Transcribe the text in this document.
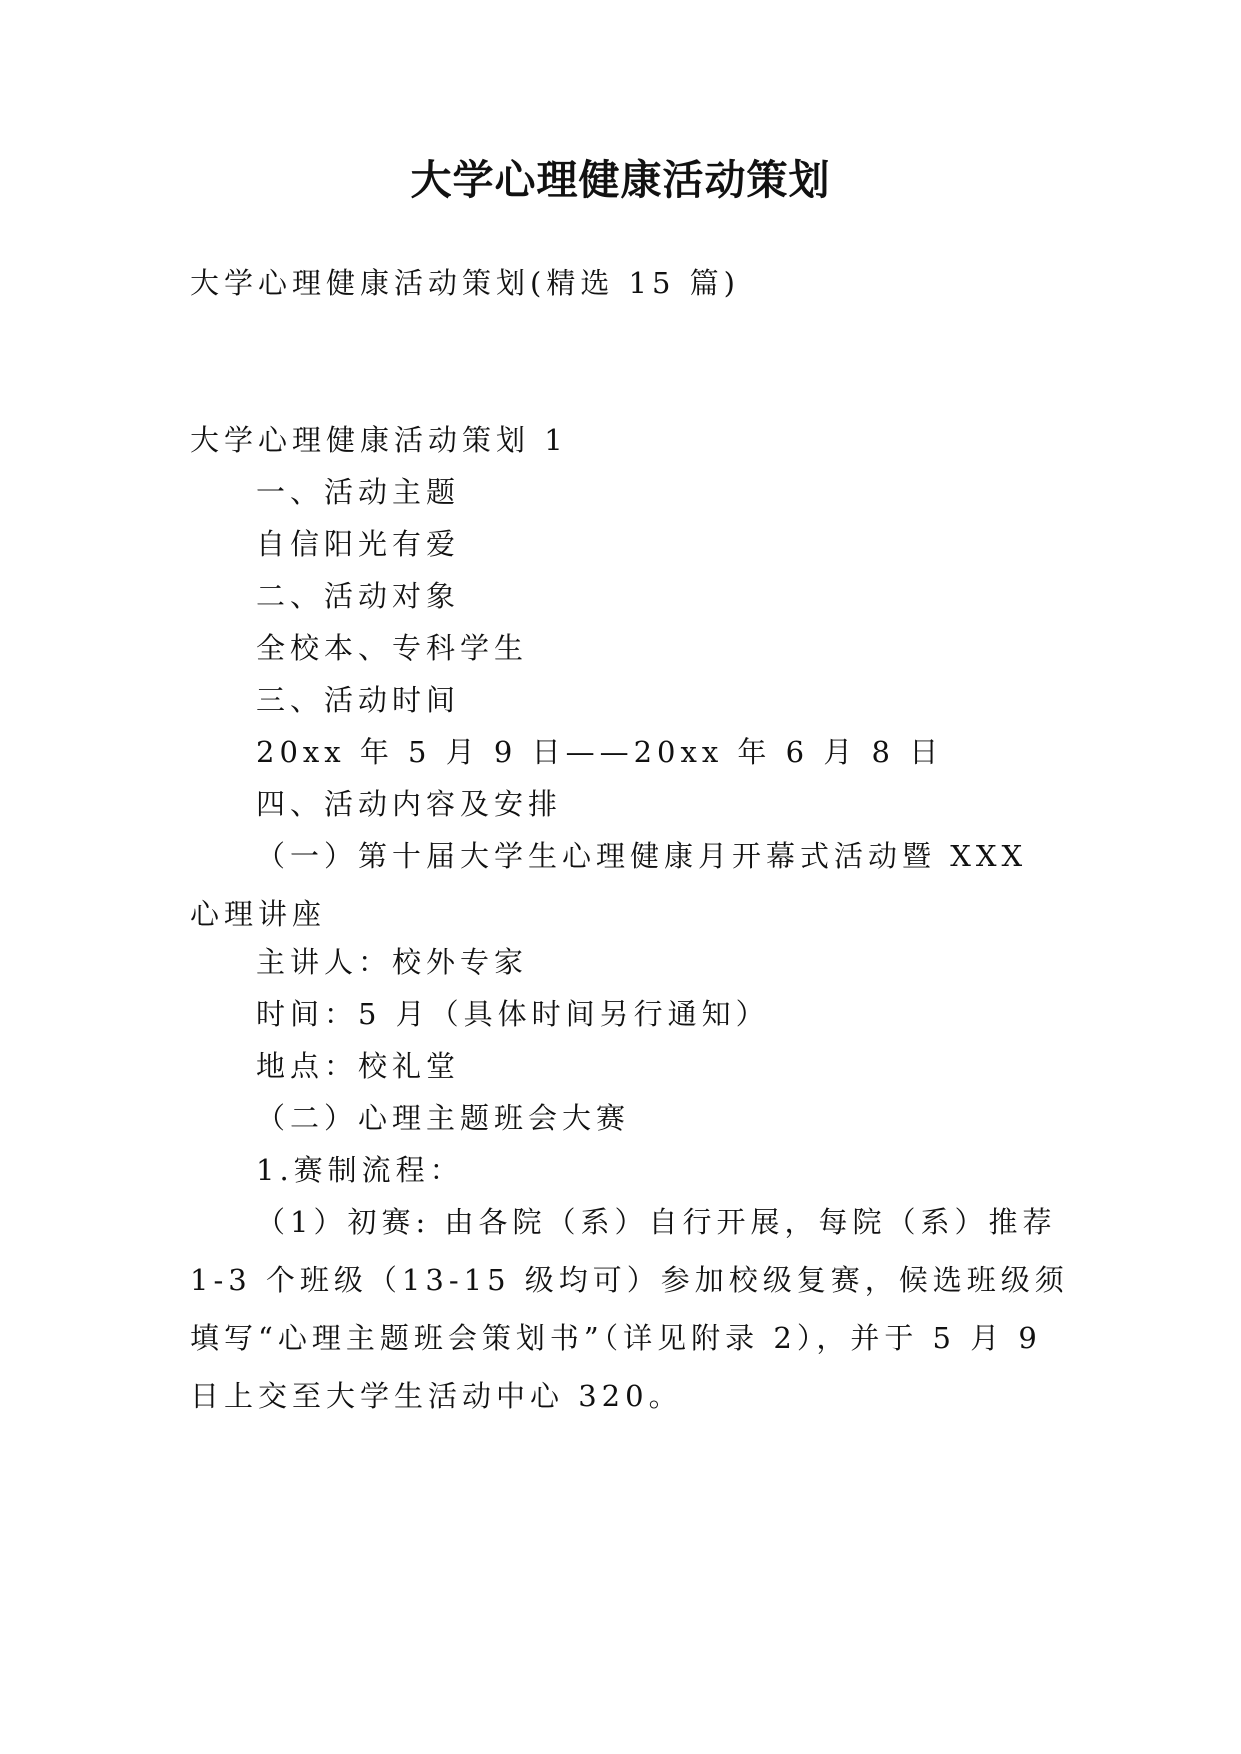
大学心理健康活动策划
大学心理健康活动策划(精选 15 篇)
大学心理健康活动策划 1
一、活动主题
自信阳光有爱
二、活动对象
全校本、专科学生
三、活动时间
20xx 年 5 月 9 日——20xx 年 6 月 8 日
四、活动内容及安排
（一）第十届大学生心理健康月开幕式活动暨 XXX 心理讲座
主讲人：校外专家
时间：5 月（具体时间另行通知）
地点：校礼堂
（二）心理主题班会大赛
1.赛制流程：
（1）初赛: 由各院（系）自行开展，每院（系）推荐 1-3 个班级（13-15 级均可）参加校级复赛，候选班级须填写“心理主题班会策划书”（详见附录 2），并于 5 月 9 日上交至大学生活动中心 320。
